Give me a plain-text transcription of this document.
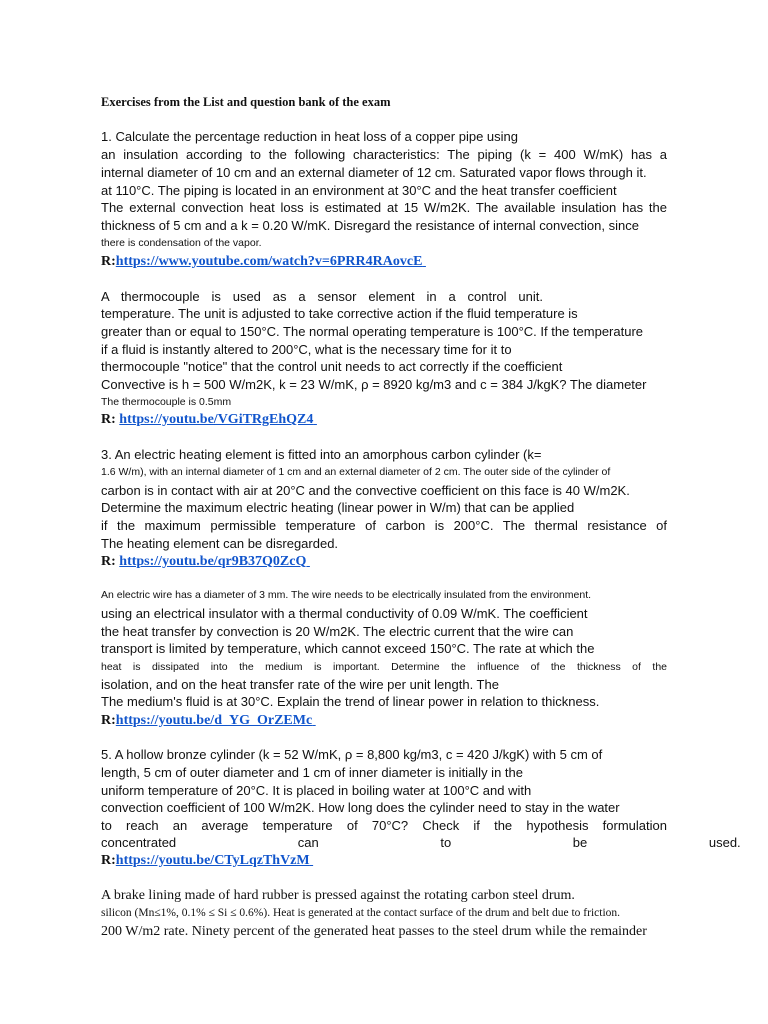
Exercises from the List and question bank of the exam
1. Calculate the percentage reduction in heat loss of a copper pipe using
an insulation according to the following characteristics: The piping (k = 400 W/mK) has a
internal diameter of 10 cm and an external diameter of 12 cm. Saturated vapor flows through it.
at 110°C. The piping is located in an environment at 30°C and the heat transfer coefficient
The external convection heat loss is estimated at 15 W/m2K. The available insulation has the
thickness of 5 cm and a k = 0.20 W/mK. Disregard the resistance of internal convection, since
there is condensation of the vapor.
R:https://www.youtube.com/watch?v=6PRR4RAovcE
A thermocouple is used as a sensor element in a control unit.
temperature. The unit is adjusted to take corrective action if the fluid temperature is
greater than or equal to 150°C. The normal operating temperature is 100°C. If the temperature
if a fluid is instantly altered to 200°C, what is the necessary time for it to
thermocouple "notice" that the control unit needs to act correctly if the coefficient
Convective is h = 500 W/m2K, k = 23 W/mK, ρ = 8920 kg/m3 and c = 384 J/kgK? The diameter
The thermocouple is 0.5mm
R: https://youtu.be/VGiTRgEhQZ4
3. An electric heating element is fitted into an amorphous carbon cylinder (k=
1.6 W/m), with an internal diameter of 1 cm and an external diameter of 2 cm. The outer side of the cylinder of
carbon is in contact with air at 20°C and the convective coefficient on this face is 40 W/m2K.
Determine the maximum electric heating (linear power in W/m) that can be applied
if the maximum permissible temperature of carbon is 200°C. The thermal resistance of
The heating element can be disregarded.
R: https://youtu.be/qr9B37Q0ZcQ
An electric wire has a diameter of 3 mm. The wire needs to be electrically insulated from the environment.
using an electrical insulator with a thermal conductivity of 0.09 W/mK. The coefficient
the heat transfer by convection is 20 W/m2K. The electric current that the wire can
transport is limited by temperature, which cannot exceed 150°C. The rate at which the
heat is dissipated into the medium is important. Determine the influence of the thickness of the
isolation, and on the heat transfer rate of the wire per unit length. The
The medium's fluid is at 30°C. Explain the trend of linear power in relation to thickness.
R:https://youtu.be/d_YG_OrZEMc
5. A hollow bronze cylinder (k = 52 W/mK, ρ = 8,800 kg/m3, c = 420 J/kgK) with 5 cm of
length, 5 cm of outer diameter and 1 cm of inner diameter is initially in the
uniform temperature of 20°C. It is placed in boiling water at 100°C and with
convection coefficient of 100 W/m2K. How long does the cylinder need to stay in the water
to reach an average temperature of 70°C? Check if the hypothesis formulation
concentrated can to be used.
R:https://youtu.be/CTyLqzThVzM
A brake lining made of hard rubber is pressed against the rotating carbon steel drum.
silicon (Mn≤1%, 0.1% ≤ Si ≤ 0.6%). Heat is generated at the contact surface of the drum and belt due to friction.
200 W/m2 rate. Ninety percent of the generated heat passes to the steel drum while the remainder
